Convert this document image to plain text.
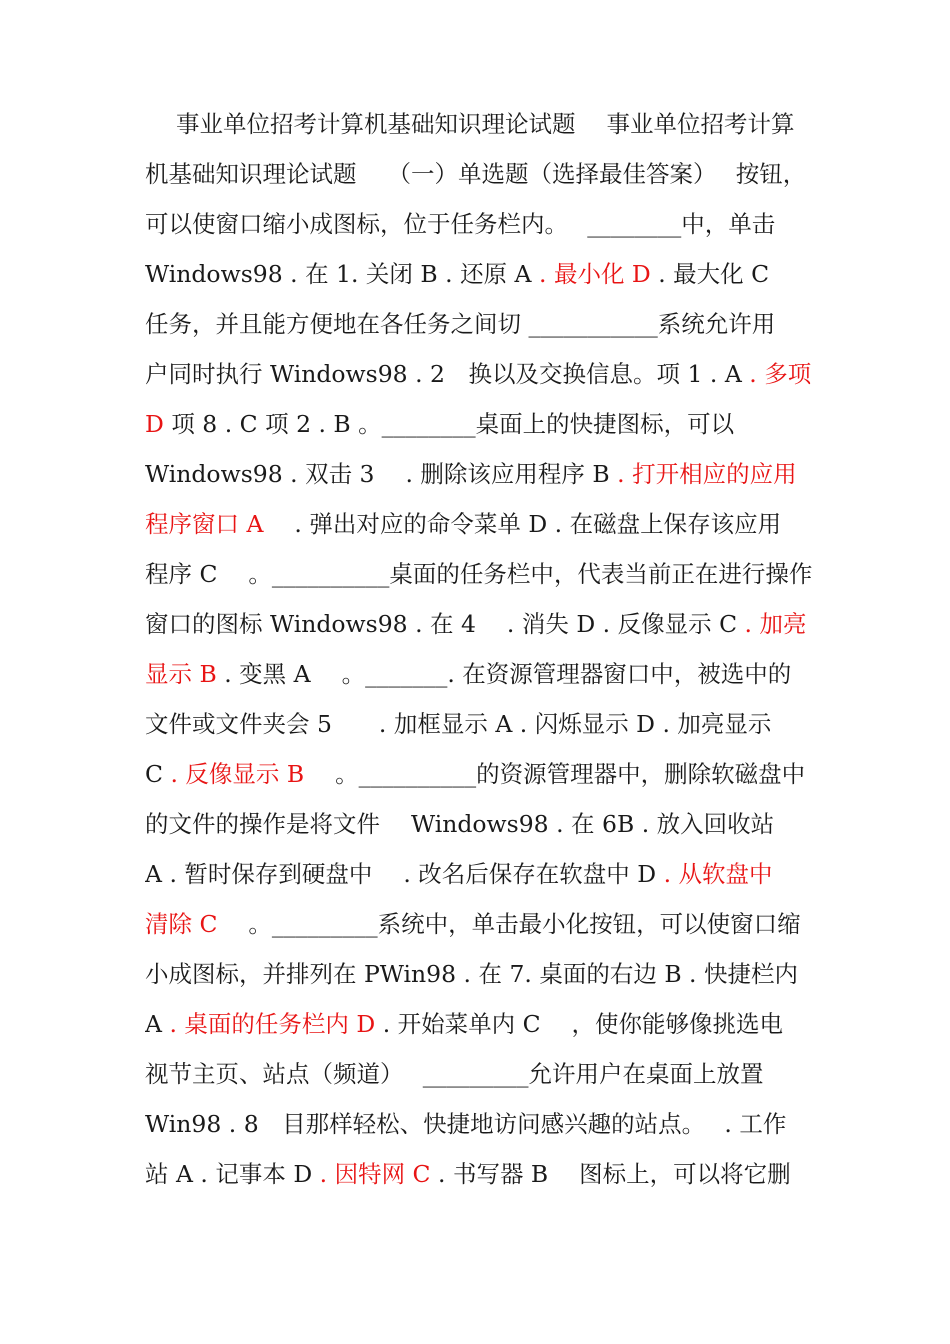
事业单位招考计算机基础知识理论试题　 事业单位招考计算
机基础知识理论试题　 （一）单选题（选择最佳答案）　 按钮，
可以使窗口缩小成图标，位于任务栏内。　 ________中，单击
Windows98 . 在 1. 关闭 B . 还原 A . 最小化 D . 最大化 C
任务，并且能方便地在各任务之间切 ___________系统允许用
户同时执行 Windows98 . 2　换以及交换信息。项 1 . A . 多项
D 项 8 . C 项 2 . B 。________桌面上的快捷图标，可以
Windows98 . 双击 3　 . 删除该应用程序 B . 打开相应的应用
程序窗口 A　 . 弹出对应的命令菜单 D . 在磁盘上保存该应用
程序 C　 。__________桌面的任务栏中，代表当前正在进行操作
窗口的图标 Windows98 . 在 4　 . 消失 D . 反像显示 C . 加亮
显示 B . 变黑 A　 。_______. 在资源管理器窗口中，被选中的
文件或文件夹会 5　　. 加框显示 A . 闪烁显示 D . 加亮显示
C . 反像显示 B　 。__________的资源管理器中，删除软磁盘中
的文件的操作是将文件　 Windows98 . 在 6B . 放入回收站
A . 暂时保存到硬盘中　 . 改名后保存在软盘中 D . 从软盘中
清除 C　 。_________系统中，单击最小化按钮，可以使窗口缩
小成图标，并排列在 PWin98 . 在 7. 桌面的右边 B . 快捷栏内
A . 桌面的任务栏内 D . 开始菜单内 C　 ，使你能够像挑选电
视节主页、站点（频道）　 _________允许用户在桌面上放置
Win98 . 8　目那样轻松、快捷地访问感兴趣的站点。　 . 工作
站 A . 记事本 D . 因特网 C . 书写器 B　 图标上，可以将它删
